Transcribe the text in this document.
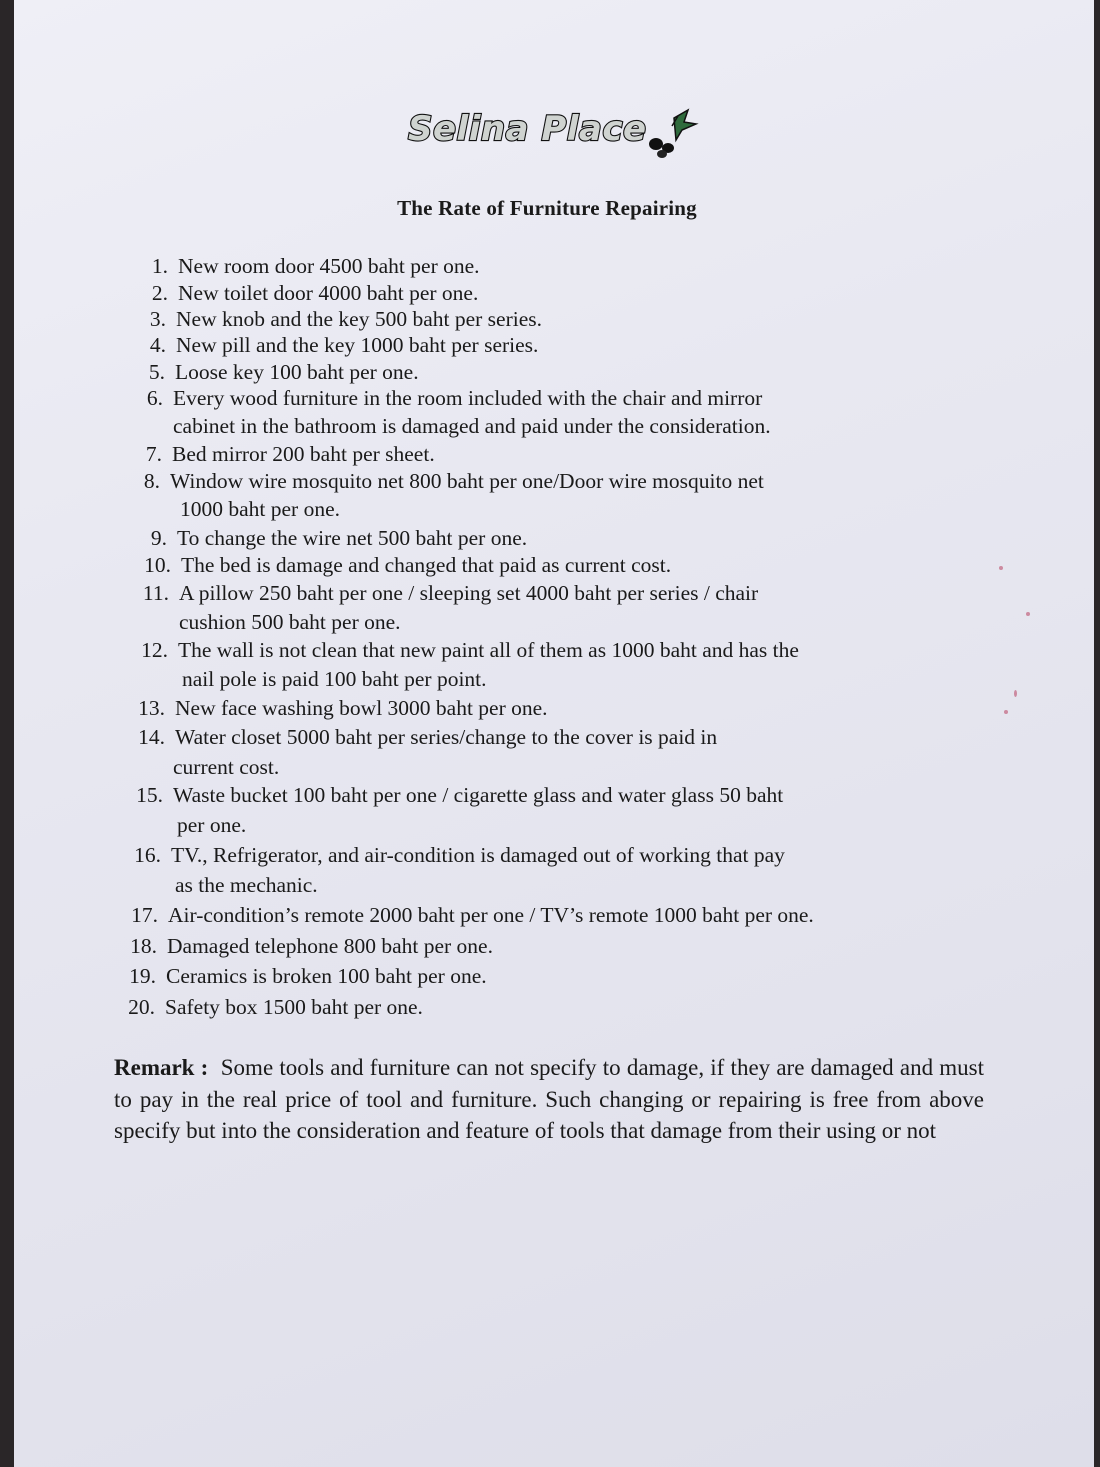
Selina Place
The Rate of Furniture Repairing
1. New room door 4500 baht per one.
2. New toilet door 4000 baht per one.
3. New knob and the key 500 baht per series.
4. New pill and the key 1000 baht per series.
5. Loose key 100 baht per one.
6. Every wood furniture in the room included with the chair and mirror
cabinet in the bathroom is damaged and paid under the consideration.
7. Bed mirror 200 baht per sheet.
8. Window wire mosquito net 800 baht per one/Door wire mosquito net
1000 baht per one.
9. To change the wire net 500 baht per one.
10. The bed is damage and changed that paid as current cost.
11. A pillow 250 baht per one / sleeping set 4000 baht per series / chair
cushion 500 baht per one.
12. The wall is not clean that new paint all of them as 1000 baht and has the
nail pole is paid 100 baht per point.
13. New face washing bowl 3000 baht per one.
14. Water closet 5000 baht per series/change to the cover is paid in
current cost.
15. Waste bucket 100 baht per one / cigarette glass and water glass 50 baht
per one.
16. TV., Refrigerator, and air-condition is damaged out of working that pay
as the mechanic.
17. Air-condition’s remote 2000 baht per one / TV’s remote 1000 baht per one.
18. Damaged telephone 800 baht per one.
19. Ceramics is broken 100 baht per one.
20. Safety box 1500 baht per one.
Remark : Some tools and furniture can not specify to damage, if they are damaged and must to pay in the real price of tool and furniture. Such changing or repairing is free from above specify but into the consideration and feature of tools that damage from their using or not
